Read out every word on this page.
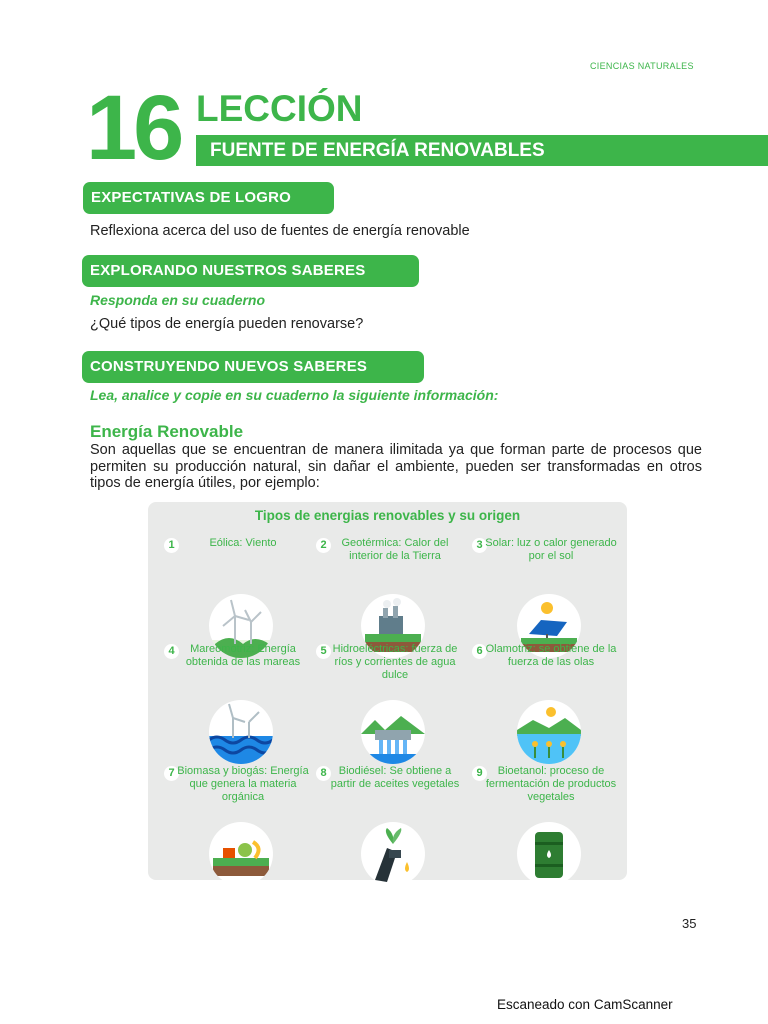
CIENCIAS NATURALES
16 LECCIÓN
FUENTE DE ENERGÍA RENOVABLES
EXPECTATIVAS DE LOGRO
Reflexiona acerca del uso de fuentes de energía renovable
EXPLORANDO NUESTROS SABERES
Responda en su cuaderno
¿Qué tipos de energía pueden renovarse?
CONSTRUYENDO NUEVOS SABERES
Lea, analice y copie en su cuaderno la siguiente información:
Energía Renovable
Son aquellas que se encuentran de manera ilimitada ya que forman parte de procesos que permiten su producción natural, sin dañar el ambiente, pueden ser transformadas en otros tipos de energía útiles, por ejemplo:
Tipos de energias renovables y su origen
1	Eólica: Viento	2	Geotérmica: Calor del interior de la Tierra
3 Solar: luz o calor generado por el sol
4	Mareomotriz: Energía obtenida de las mareas
5 Hidroeléctricas: fuerza de ríos y corrientes de agua dulce
6 Olamotriz: se obtiene de la fuerza de las olas
7 Biomasa y biogás: Energía que genera la materia orgánica
8	Biodiésel: Se obtiene a partir de aceites vegetales
9	Bioetanol: proceso de fermentación de productos vegetales
35
Escaneado con CamScanner
